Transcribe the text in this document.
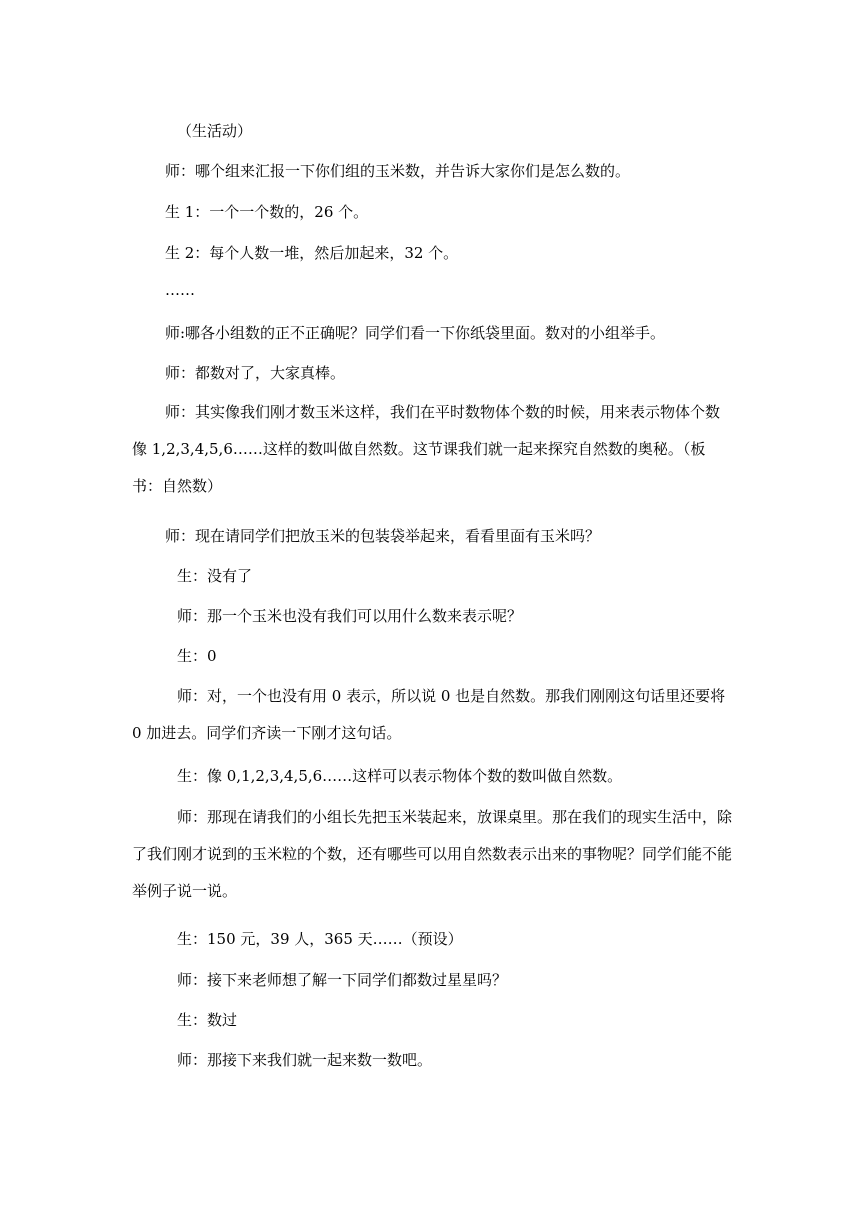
（生活动）
师：哪个组来汇报一下你们组的玉米数，并告诉大家你们是怎么数的。
生 1：一个一个数的，26 个。
生 2：每个人数一堆，然后加起来，32 个。
……
师:哪各小组数的正不正确呢？同学们看一下你纸袋里面。数对的小组举手。
师：都数对了，大家真棒。
师：其实像我们刚才数玉米这样，我们在平时数物体个数的时候，用来表示物体个数像 1,2,3,4,5,6……这样的数叫做自然数。这节课我们就一起来探究自然数的奥秘。（板书：自然数）
师：现在请同学们把放玉米的包装袋举起来，看看里面有玉米吗？
生：没有了
师：那一个玉米也没有我们可以用什么数来表示呢？
生：0
师：对，一个也没有用 0 表示，所以说 0 也是自然数。那我们刚刚这句话里还要将 0 加进去。同学们齐读一下刚才这句话。
生：像 0,1,2,3,4,5,6……这样可以表示物体个数的数叫做自然数。
师：那现在请我们的小组长先把玉米装起来，放课桌里。那在我们的现实生活中，除了我们刚才说到的玉米粒的个数，还有哪些可以用自然数表示出来的事物呢？同学们能不能举例子说一说。
生：150 元，39 人，365 天……（预设）
师：接下来老师想了解一下同学们都数过星星吗？
生：数过
师：那接下来我们就一起来数一数吧。
